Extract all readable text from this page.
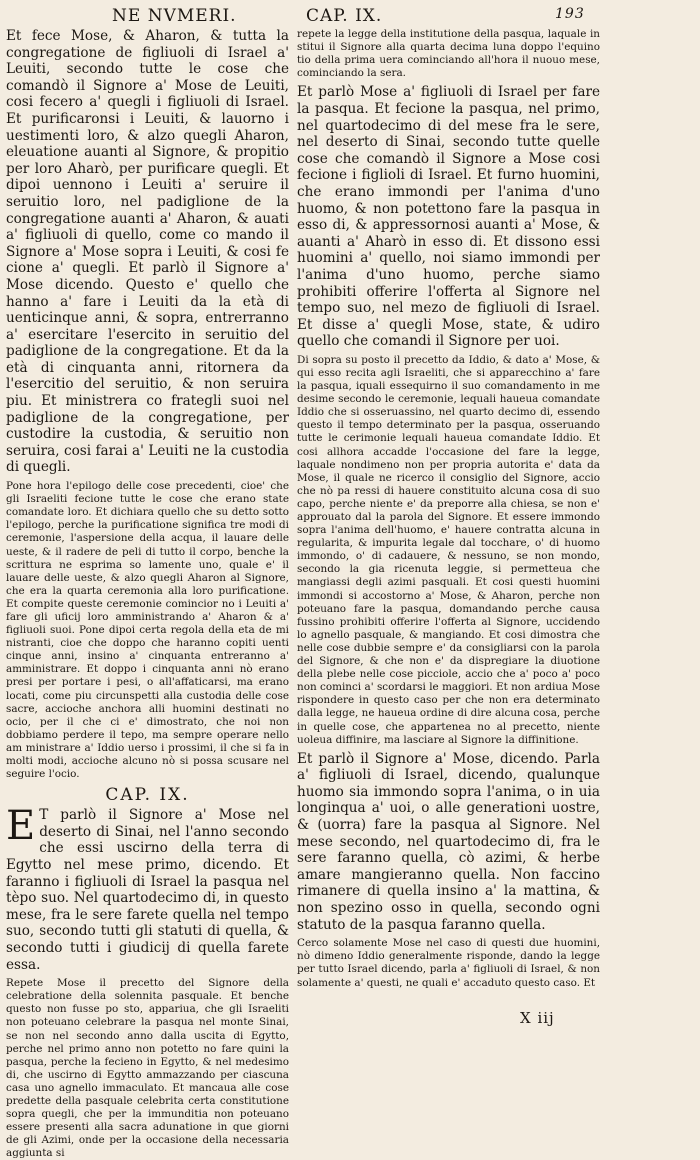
NE NVMERI.	CAP. IX.	193

Et fece Mose, & Aharon, & tutta la congregatione de figliuoli di Israel a' Leuiti, secondo tutte le cose che comandò il Signore a' Mose de Leuiti, cosi fecero a' quegli i figliuoli di Israel. Et purificaronsi i Leuiti, & lauorno i uestimenti loro, & alzo quegli Aharon, eleuatione auanti al Signore, & propitio per loro Aharò, per purificare quegli. Et dipoi uennono i Leuiti a' seruire il seruitio loro, nel padiglione de la congregatione auanti a' Aharon, & auati a' figliuoli di quello, come co mando il Signore a' Mose sopra i Leuiti, & cosi fe cione a' quegli. Et parlò il Signore a' Mose dicendo. Questo e' quello che hanno a' fare i Leuiti da la età di uenticinque anni, & sopra, entrerranno a' esercitare l'esercito in seruitio del padiglione de la congregatione. Et da la età di cinquanta anni, ritornera da l'esercitio del seruitio, & non seruira piu. Et ministrera co frategli suoi nel padiglione de la congregatione, per custodire la custodia, & seruitio non seruira, cosi farai a' Leuiti ne la custodia di quegli.

Pone hora l'epilogo delle cose precedenti, cioe' che gli Israeliti fecione tutte le cose che erano state comandate loro. Et dichiara quello che su detto sotto l'epilogo, perche la purificatione significa tre modi di ceremonie, l'aspersione della acqua, il lauare delle ueste, & il radere de peli di tutto il corpo, benche la scrittura ne esprima so lamente uno, quale e' il lauare delle ueste, & alzo quegli Aharon al Signore, che era la quarta ceremonia alla loro purificatione. Et compite queste ceremonie comincior no i Leuiti a' fare gli uficij loro amministrando a' Aharon & a' figliuoli suoi. Pone dipoi certa regola della eta de mi nistranti, cioe che doppo che haranno copiti uenti cinque anni, insino a' cinquanta entreranno a' amministrare. Et doppo i cinquanta anni nò erano presi per portare i pesi, o all'affaticarsi, ma erano locati, come piu circunspetti alla custodia delle cose sacre, accioche anchora alli huomini destinati no ocio, per il che ci e' dimostrato, che noi non dobbiamo perdere il tepo, ma sempre operare nello am ministrare a' Iddio uerso i prossimi, il che si fa in molti modi, accioche alcuno nò si possa scusare nel seguire l'ocio.

CAP. IX.

E T parlò il Signore a' Mose nel deserto di Sinai, nel l'anno secondo che essi uscirno della terra di Egytto nel mese primo, dicendo. Et faranno i figliuoli di Israel la pasqua nel tèpo suo. Nel quartodecimo di, in questo mese, fra le sere farete quella nel tempo suo, secondo tutti gli statuti di quella, & secondo tutti i giudicij di quella farete essa.

Repete Mose il precetto del Signore della celebratione della solennita pasquale. Et benche questo non fusse po sto, appariua, che gli Israeliti non poteuano celebrare la pasqua nel monte Sinai, se non nel secondo anno dalla uscita di Egytto, perche nel primo anno non potetto no fare quini la pasqua, perche la fecieno in Egytto, & nel medesimo di, che uscirno di Egytto ammazzando per ciascuna casa uno agnello immaculato. Et mancaua alle cose predette della pasquale celebrita certa constitutione sopra quegli, che per la immunditia non poteuano essere presenti alla sacra adunatione in que giorni de gli Azimi, onde per la occasione della necessaria aggiunta si

repete la legge della institutione della pasqua, laquale in stitui il Signore alla quarta decima luna doppo l'equino tio della prima uera cominciando all'hora il nuouo mese, cominciando la sera.

Et parlò Mose a' figliuoli di Israel per fare la pasqua. Et fecione la pasqua, nel primo, nel quartodecimo di del mese fra le sere, nel deserto di Sinai, secondo tutte quelle cose che comandò il Signore a Mose cosi fecione i figlioli di Israel. Et furno huomini, che erano immondi per l'anima d'uno huomo, & non potettono fare la pasqua in esso di, & appressornosi auanti a' Mose, & auanti a' Aharò in esso di. Et dissono essi huomini a' quello, noi siamo immondi per l'anima d'uno huomo, perche siamo prohibiti offerire l'offerta al Signore nel tempo suo, nel mezo de figliuoli di Israel. Et disse a' quegli Mose, state, & udiro quello che comandi il Signore per uoi.

Di sopra su posto il precetto da Iddio, & dato a' Mose, & qui esso recita agli Israeliti, che si apparecchino a' fare la pasqua, iquali essequirno il suo comandamento in me desime secondo le ceremonie, lequali haueua comandate Iddio che si osseruassino, nel quarto decimo di, essendo questo il tempo determinato per la pasqua, osseruando tutte le cerimonie lequali haueua comandate Iddio. Et cosi allhora accadde l'occasione del fare la legge, laquale nondimeno non per propria autorita e' data da Mose, il quale ne ricerco il consiglio del Signore, accio che nò pa ressi di hauere constituito alcuna cosa di suo capo, perche niente e' da preporre alla chiesa, se non e' approuato dal la parola del Signore. Et essere immondo sopra l'anima dell'huomo, e' hauere contratta alcuna in regularita, & impurita legale dal tocchare, o' di huomo immondo, o' di cadauere, & nessuno, se non mondo, secondo la gia ricenuta leggie, si permetteua che mangiassi degli azimi pasquali. Et cosi questi huomini immondi si accostorno a' Mose, & Aharon, perche non poteuano fare la pasqua, domandando perche causa fussino prohibiti offerire l'offerta al Signore, uccidendo lo agnello pasquale, & mangiando. Et cosi dimostra che nelle cose dubbie sempre e' da consigliarsi con la parola del Signore, & che non e' da dispregiare la diuotione della plebe nelle cose picciole, accio che a' poco a' poco non cominci a' scordarsi le maggiori. Et non ardiua Mose rispondere in questo caso per che non era determinato dalla legge, ne haueua ordine di dire alcuna cosa, perche in quelle cose, che appartenea no al precetto, niente uoleua diffinire, ma lasciare al Signore la diffinitione.

Et parlò il Signore a' Mose, dicendo. Parla a' figliuoli di Israel, dicendo, qualunque huomo sia immondo sopra l'anima, o in uia longinqua a' uoi, o alle generationi uostre, & (uorra) fare la pasqua al Signore. Nel mese secondo, nel quartodecimo di, fra le sere faranno quella, cò azimi, & herbe amare mangieranno quella. Non faccino rimanere di quella insino a' la mattina, & non spezino osso in quella, secondo ogni statuto de la pasqua faranno quella.

Cerco solamente Mose nel caso di questi due huomini, nò dimeno Iddio generalmente risponde, dando la legge per tutto Israel dicendo, parla a' figliuoli di Israel, & non solamente a' questi, ne quali e' accaduto questo caso. Et

X iij
